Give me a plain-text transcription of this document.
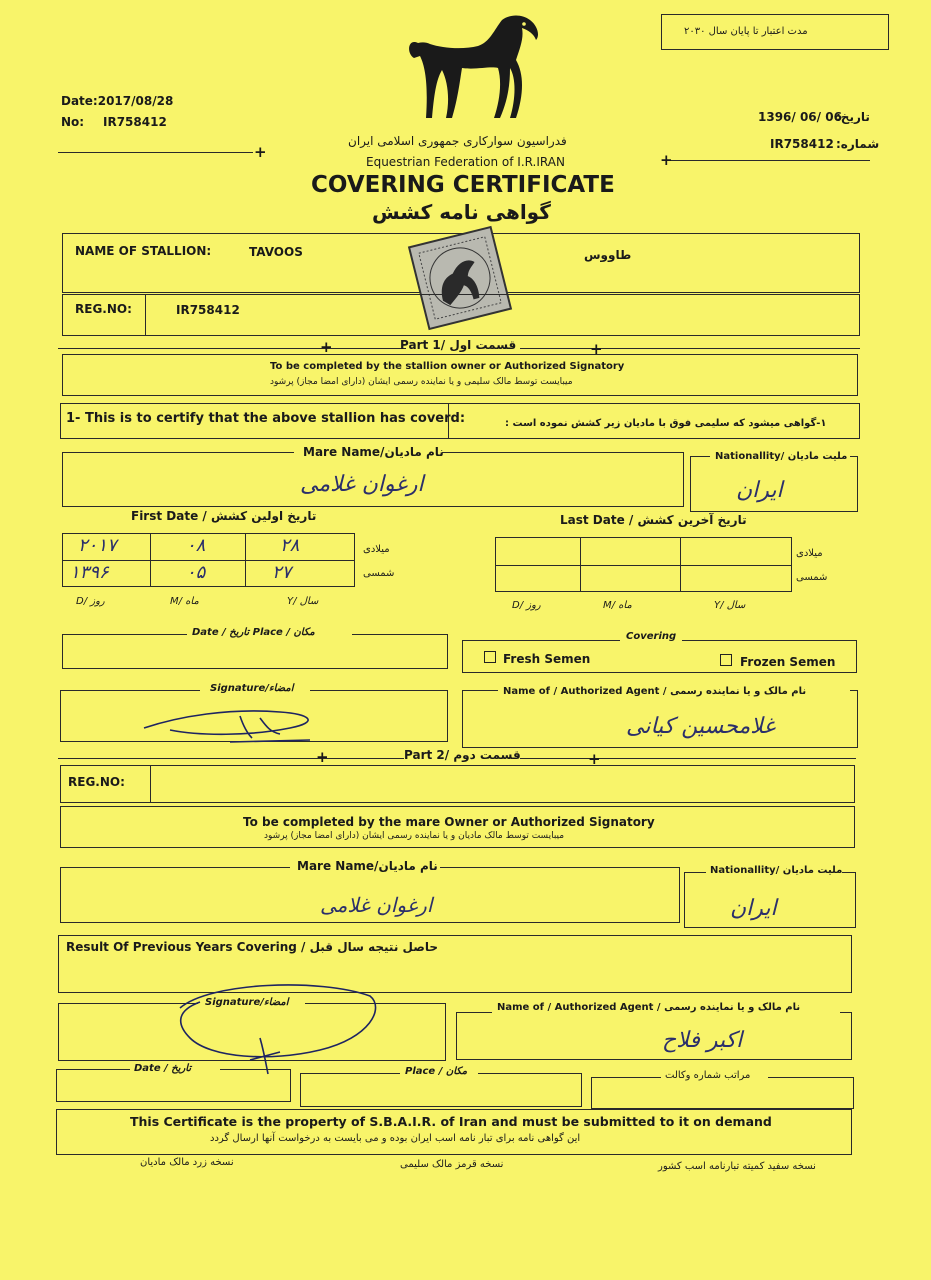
مدت اعتبار تا پایان سال ۲۰۳۰
Date:2017/08/28
No: IR758412
+
تاریخ:
1396/ 06/ 06
شماره:
IR758412
+
فدراسیون سوارکاری جمهوری اسلامی ایران
Equestrian Federation of I.R.IRAN
COVERING CERTIFICATE
گواهی نامه کشش
NAME OF STALLION:	TAVOOS	طاووس
REG.NO:	IR758412
+	Part 1/ قسمت اول	+
To be completed by the stallion owner or Authorized Signatory
میبایست توسط مالک سلیمی و یا نماینده رسمی ایشان (دارای امضا مجاز) پرشود
1- This is to certify that the above stallion has coverd:	۱-گواهی میشود که سلیمی فوق با مادیان زیر کشش نموده است :
Mare Name/نام مادیان
ارغوان غلامی
Nationallity/ ملیت مادیان
ایران
First Date / تاریخ اولین کشش
۲۰۱۷	۰۸	۲۸
۱۳۹۶	۰۵	۲۷
میلادی
شمسی
D/ روز	M/ ماه	Y/ سال
Last Date / تاریخ آخرین کشش
میلادی
شمسی
D/ روز	M/ ماه	Y/ سال
Date / تاریخ Place / مکان	Covering
Fresh Semen	Frozen Semen
Signature/امضاء	Name of / Authorized Agent / نام مالک و یا نماینده رسمی
غلامحسین کیانی
+	Part 2/ قسمت دوم	+
REG.NO:
To be completed by the mare Owner or Authorized Signatory
میبایست توسط مالک مادیان و یا نماینده رسمی ایشان (دارای امضا مجاز) پرشود
Mare Name/نام مادیان
ارغوان غلامی
Nationallity/ ملیت مادیان
ایران
Result Of Previous Years Covering / حاصل نتیجه سال قبل
Signature/امضاء	Name of / Authorized Agent / نام مالک و یا نماینده رسمی
اکبر فلاح
Date / تاریخ	Place / مکان	مراتب شماره وکالت
This Certificate is the property of S.B.A.I.R. of Iran and must be submitted to it on demand
این گواهی نامه برای تبار نامه اسب ایران بوده و می بایست به درخواست آنها ارسال گردد
نسخه سفید کمیته تبارنامه اسب کشور
نسخه قرمز مالک سلیمی
نسخه زرد مالک مادیان
